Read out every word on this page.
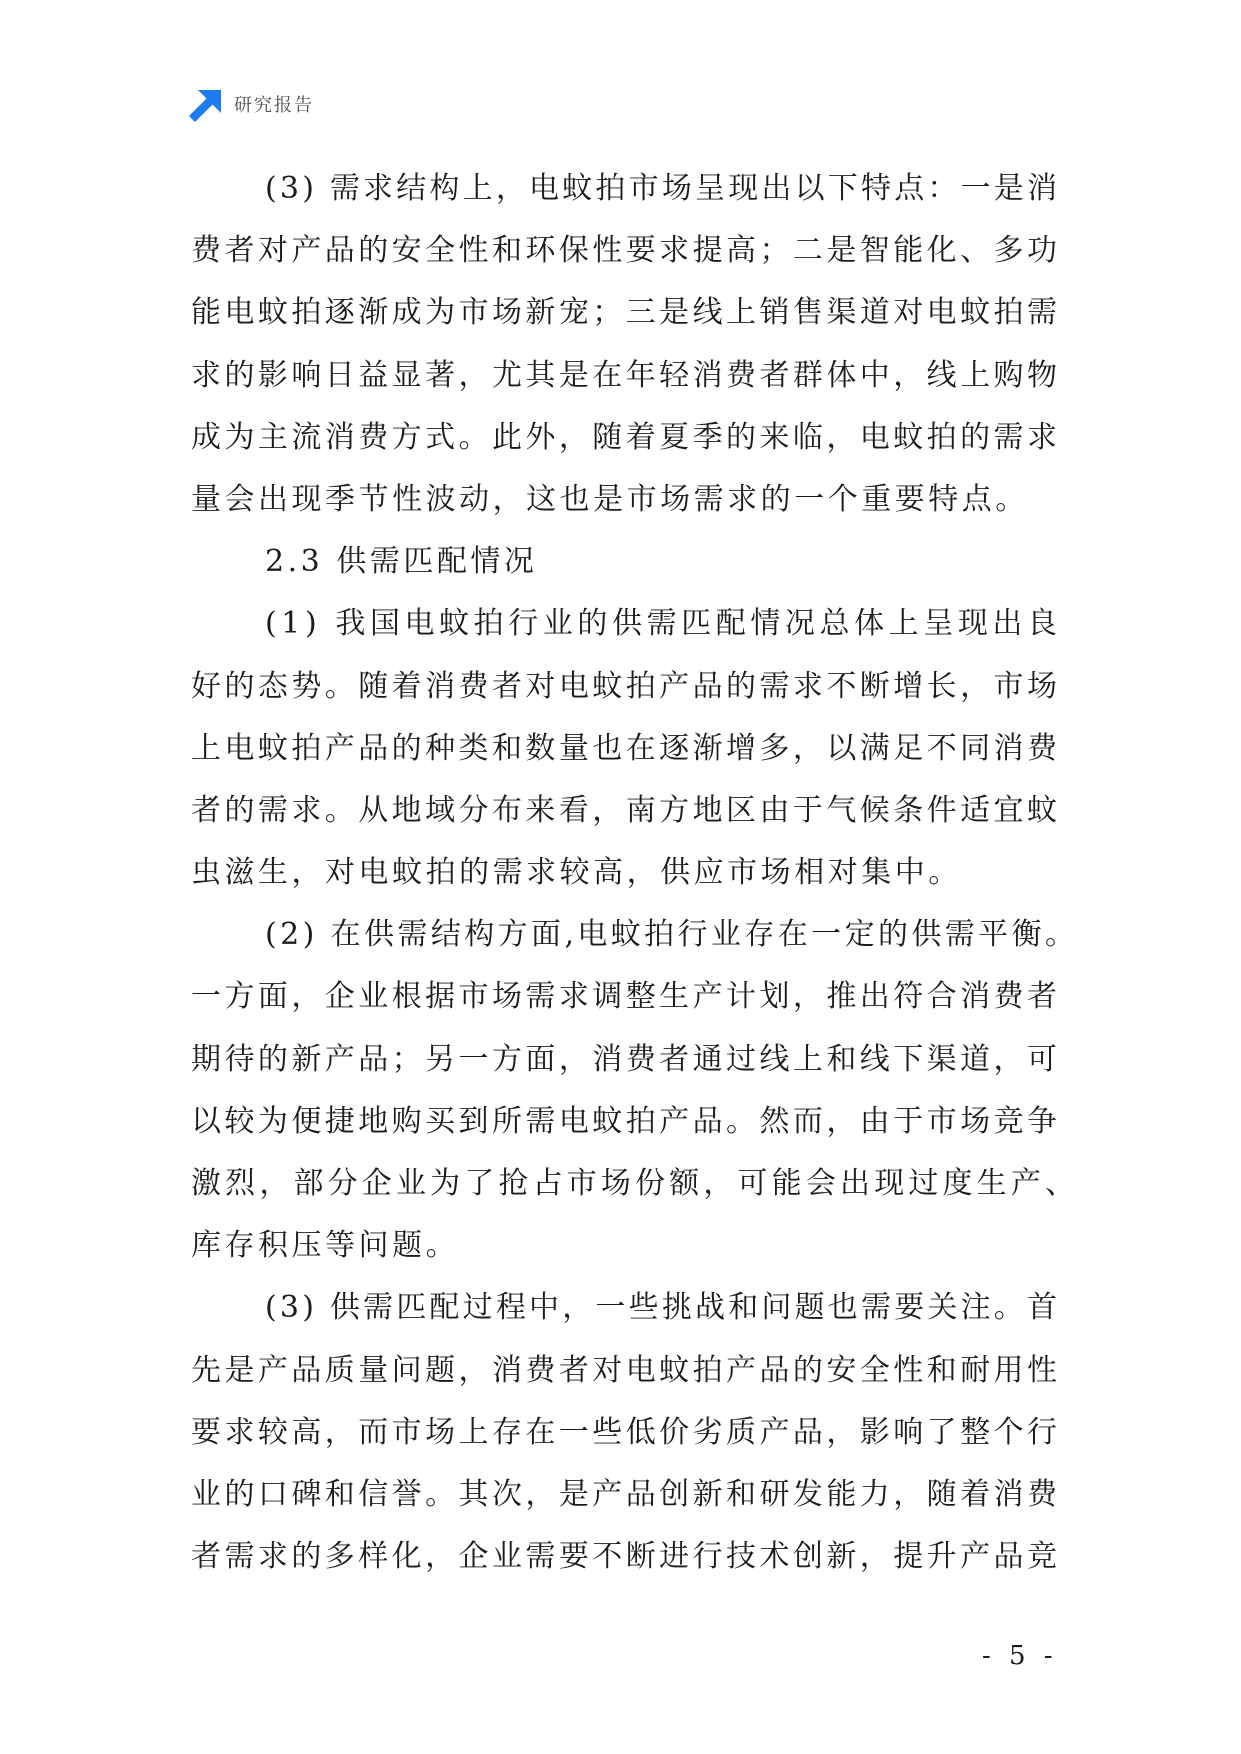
研究报告
(3) 需求结构上，电蚊拍市场呈现出以下特点：一是消
费者对产品的安全性和环保性要求提高；二是智能化、多功
能电蚊拍逐渐成为市场新宠；三是线上销售渠道对电蚊拍需
求的影响日益显著，尤其是在年轻消费者群体中，线上购物
成为主流消费方式。此外，随着夏季的来临，电蚊拍的需求
量会出现季节性波动，这也是市场需求的一个重要特点。
2.3 供需匹配情况
(1) 我国电蚊拍行业的供需匹配情况总体上呈现出良
好的态势。随着消费者对电蚊拍产品的需求不断增长，市场
上电蚊拍产品的种类和数量也在逐渐增多，以满足不同消费
者的需求。从地域分布来看，南方地区由于气候条件适宜蚊
虫滋生，对电蚊拍的需求较高，供应市场相对集中。
(2) 在供需结构方面,电蚊拍行业存在一定的供需平衡。
一方面，企业根据市场需求调整生产计划，推出符合消费者
期待的新产品；另一方面，消费者通过线上和线下渠道，可
以较为便捷地购买到所需电蚊拍产品。然而，由于市场竞争
激烈，部分企业为了抢占市场份额，可能会出现过度生产、
库存积压等问题。
(3) 供需匹配过程中，一些挑战和问题也需要关注。首
先是产品质量问题，消费者对电蚊拍产品的安全性和耐用性
要求较高，而市场上存在一些低价劣质产品，影响了整个行
业的口碑和信誉。其次，是产品创新和研发能力，随着消费
者需求的多样化，企业需要不断进行技术创新，提升产品竞
- 5 -
